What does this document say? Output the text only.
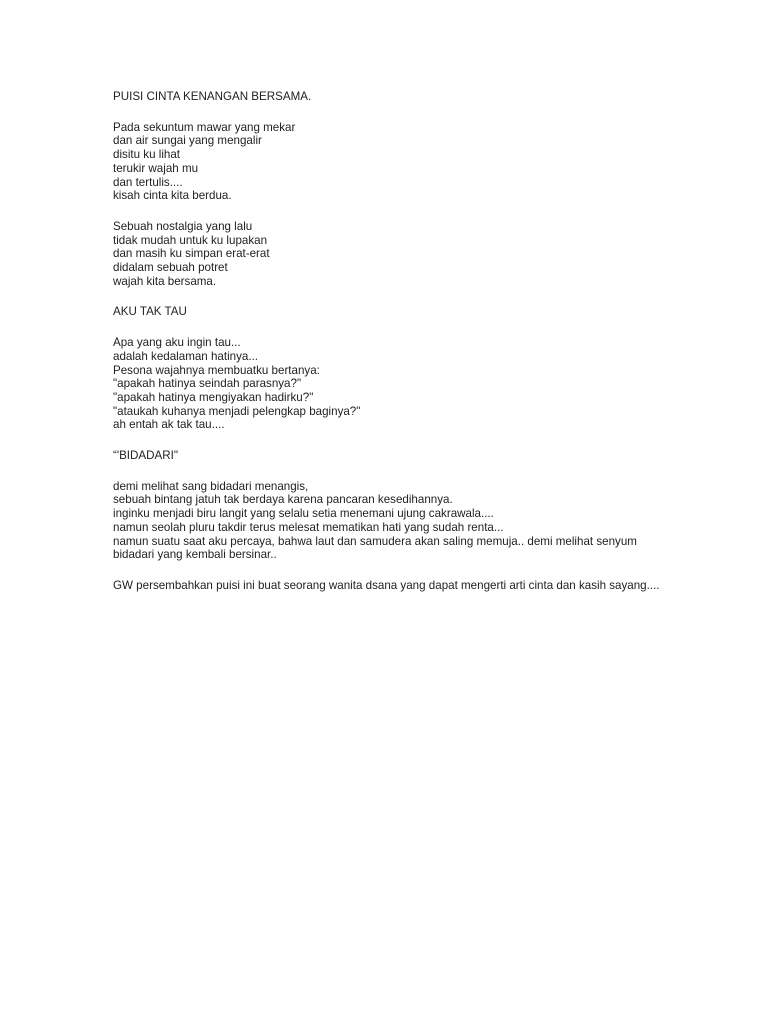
PUISI CINTA KENANGAN BERSAMA.
Pada sekuntum mawar yang mekar
dan air sungai yang mengalir
disitu ku lihat
terukir wajah mu
dan tertulis....
kisah cinta kita berdua.
Sebuah nostalgia yang lalu
tidak mudah untuk ku lupakan
dan masih ku simpan erat-erat
didalam sebuah potret
wajah kita bersama.
AKU TAK TAU
Apa yang aku ingin tau...
adalah kedalaman hatinya...
Pesona wajahnya membuatku bertanya:
"apakah hatinya seindah parasnya?"
"apakah hatinya mengiyakan hadirku?"
"ataukah kuhanya menjadi pelengkap baginya?"
ah entah ak tak tau....
“'BIDADARI"
demi melihat sang bidadari menangis,
sebuah bintang jatuh tak berdaya karena pancaran kesedihannya.
inginku menjadi biru langit yang selalu setia menemani ujung cakrawala....
namun seolah pluru takdir terus melesat mematikan hati yang sudah renta...
namun suatu saat aku percaya, bahwa laut dan samudera akan saling memuja.. demi melihat senyum bidadari yang kembali bersinar..
GW persembahkan puisi ini buat seorang wanita dsana yang dapat mengerti arti cinta dan kasih sayang....
